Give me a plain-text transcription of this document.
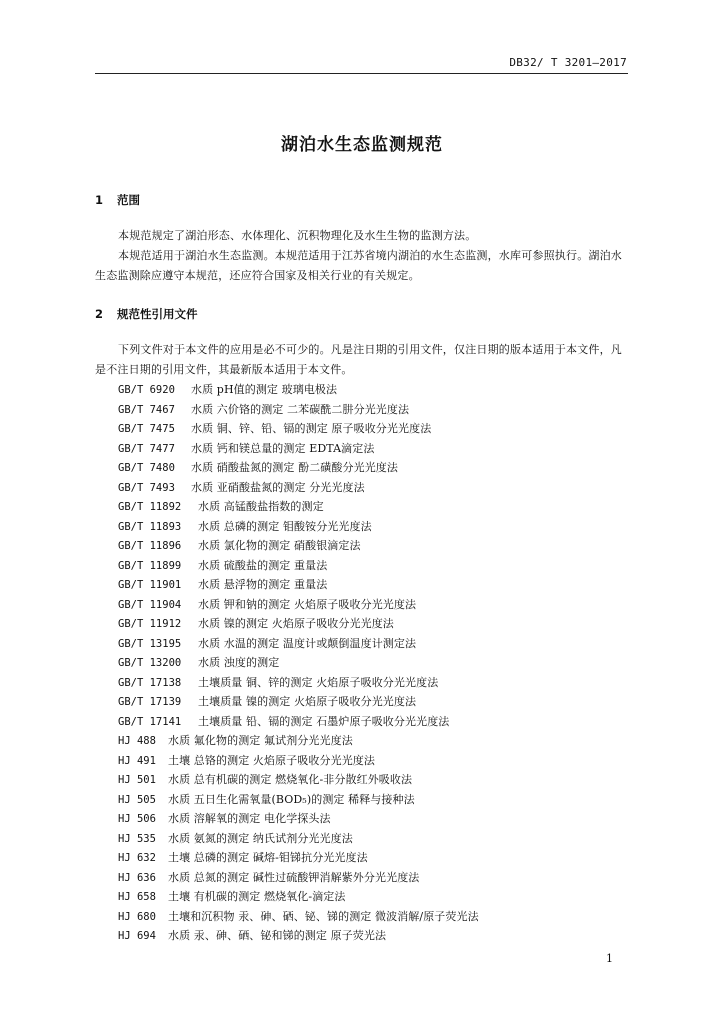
DB32/ T 3201—2017
湖泊水生态监测规范
1 范围
本规范规定了湖泊形态、水体理化、沉积物理化及水生生物的监测方法。
本规范适用于湖泊水生态监测。本规范适用于江苏省境内湖泊的水生态监测，水库可参照执行。湖泊水生态监测除应遵守本规范，还应符合国家及相关行业的有关规定。
2 规范性引用文件
下列文件对于本文件的应用是必不可少的。凡是注日期的引用文件，仅注日期的版本适用于本文件，凡是不注日期的引用文件，其最新版本适用于本文件。
GB/T 6920 水质 pH值的测定 玻璃电极法
GB/T 7467 水质 六价铬的测定 二苯碳酰二肼分光光度法
GB/T 7475 水质 铜、锌、铅、镉的测定 原子吸收分光光度法
GB/T 7477 水质 钙和镁总量的测定 EDTA滴定法
GB/T 7480 水质 硝酸盐氮的测定 酚二磺酸分光光度法
GB/T 7493 水质 亚硝酸盐氮的测定 分光光度法
GB/T 11892 水质 高锰酸盐指数的测定
GB/T 11893 水质 总磷的测定 钼酸铵分光光度法
GB/T 11896 水质 氯化物的测定 硝酸银滴定法
GB/T 11899 水质 硫酸盐的测定 重量法
GB/T 11901 水质 悬浮物的测定 重量法
GB/T 11904 水质 钾和钠的测定 火焰原子吸收分光光度法
GB/T 11912 水质 镍的测定 火焰原子吸收分光光度法
GB/T 13195 水质 水温的测定 温度计或颠倒温度计测定法
GB/T 13200 水质 浊度的测定
GB/T 17138 土壤质量 铜、锌的测定 火焰原子吸收分光光度法
GB/T 17139 土壤质量 镍的测定 火焰原子吸收分光光度法
GB/T 17141 土壤质量 铅、镉的测定 石墨炉原子吸收分光光度法
HJ 488 水质 氟化物的测定 氟试剂分光光度法
HJ 491 土壤 总铬的测定 火焰原子吸收分光光度法
HJ 501 水质 总有机碳的测定 燃烧氧化-非分散红外吸收法
HJ 505 水质 五日生化需氧量(BOD₅)的测定 稀释与接种法
HJ 506 水质 溶解氧的测定 电化学探头法
HJ 535 水质 氨氮的测定 纳氏试剂分光光度法
HJ 632 土壤 总磷的测定 碱熔-钼锑抗分光光度法
HJ 636 水质 总氮的测定 碱性过硫酸钾消解紫外分光光度法
HJ 658 土壤 有机碳的测定 燃烧氧化-滴定法
HJ 680 土壤和沉积物 汞、砷、硒、铋、锑的测定 微波消解/原子荧光法
HJ 694 水质 汞、砷、硒、铋和锑的测定 原子荧光法
1
